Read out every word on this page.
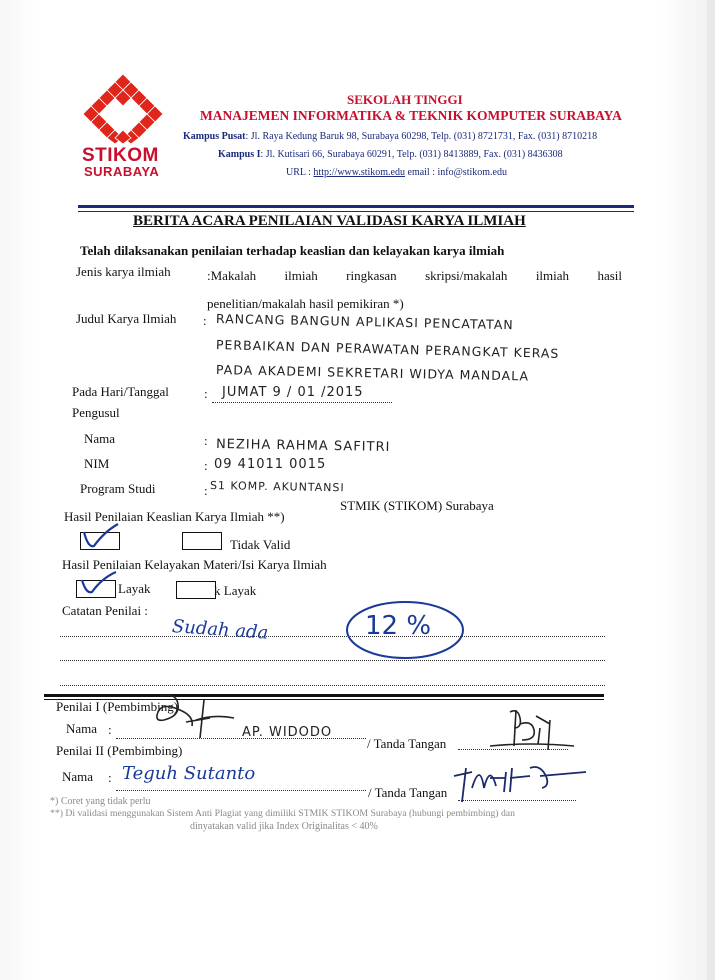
STIKOM
SURABAYA
SEKOLAH TINGGI
MANAJEMEN INFORMATIKA & TEKNIK KOMPUTER SURABAYA
Kampus Pusat: Jl. Raya Kedung Baruk 98, Surabaya 60298, Telp. (031) 8721731, Fax. (031) 8710218
Kampus I: Jl. Kutisari 66, Surabaya 60291, Telp. (031) 8413889, Fax. (031) 8436308
URL : http://www.stikom.edu email : info@stikom.edu
BERITA ACARA PENILAIAN VALIDASI KARYA ILMIAH
Telah dilaksanakan penilaian terhadap keaslian dan kelayakan karya ilmiah
Jenis karya ilmiah	:Makalah ilmiah ringkasan skripsi/makalah ilmiah hasil
penelitian/makalah hasil pemikiran *)
Judul Karya Ilmiah : RANCANG BANGUN APLIKASI PENCATATAN
PERBAIKAN DAN PERAWATAN PERANGKAT KERAS
PADA AKADEMI SEKRETARI WIDYA MANDALA
Pada Hari/Tanggal	: JUMAT 9 / 01 /2015
Pengusul
Nama	: NEZIHA RAHMA SAFITRI
NIM	: 09 41011 0015
Program Studi	: S1 KOMP. AKUNTANSI
STMIK (STIKOM) Surabaya
Hasil Penilaian Keaslian Karya Ilmiah **)
Tidak Valid
Hasil Penilaian Kelayakan Materi/Isi Karya Ilmiah
Layak	k Layak
Catatan Penilai :
Sudah ada	12 %
Penilai I (Pembimbing)
Nama :	AP. WIDODO
/ Tanda Tangan
Penilai II (Pembimbing)
Nama : Teguh Sutanto
/ Tanda Tangan
*) Coret yang tidak perlu
**) Di validasi menggunakan Sistem Anti Plagiat yang dimiliki STMIK STIKOM Surabaya (hubungi pembimbing) dan
dinyatakan valid jika Index Originalitas < 40%
